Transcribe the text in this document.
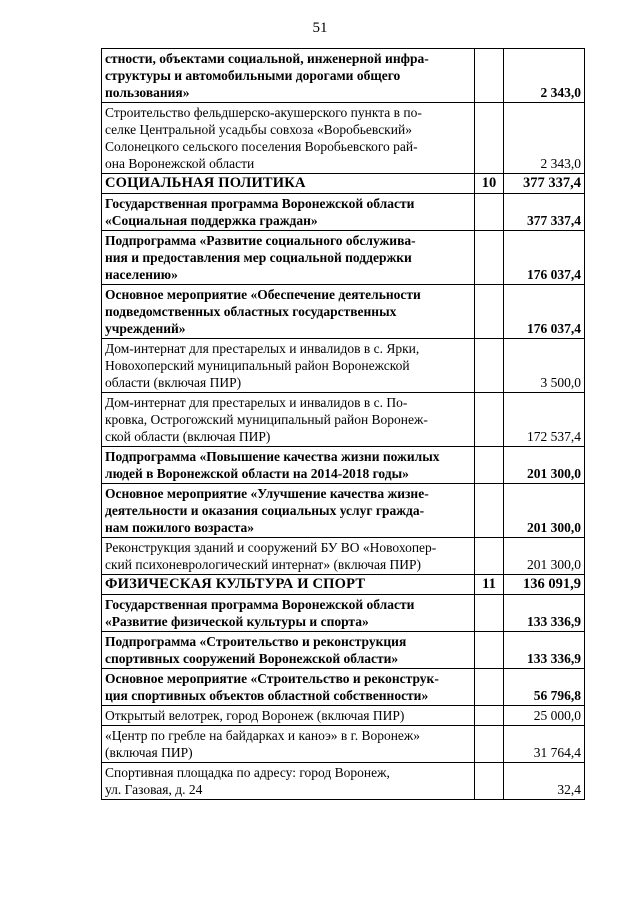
51
стности, объектами социальной, инженерной инфра-
структуры и автомобильными дорогами общего
пользования»		2 343,0

Строительство фельдшерско-акушерского пункта в по-
селке Центральной усадьбы совхоза «Воробьевский»
Солонецкого сельского поселения Воробьевского рай-
она Воронежской области		2 343,0

СОЦИАЛЬНАЯ ПОЛИТИКА	10	377 337,4

Государственная программа Воронежской области
«Социальная поддержка граждан»		377 337,4

Подпрограмма «Развитие социального обслужива-
ния и предоставления мер социальной поддержки
населению»		176 037,4

Основное мероприятие «Обеспечение деятельности
подведомственных областных государственных
учреждений»		176 037,4

Дом-интернат для престарелых и инвалидов в с. Ярки,
Новохоперский муниципальный район Воронежской
области (включая ПИР)		3 500,0

Дом-интернат для престарелых и инвалидов в с. По-
кровка, Острогожский муниципальный район Воронеж-
ской области (включая ПИР)		172 537,4

Подпрограмма «Повышение качества жизни пожилых
людей в Воронежской области на 2014-2018 годы»		201 300,0

Основное мероприятие «Улучшение качества жизне-
деятельности и оказания социальных услуг гражда-
нам пожилого возраста»		201 300,0

Реконструкция зданий и сооружений БУ ВО «Новохопер-
ский психоневрологический интернат» (включая ПИР)		201 300,0

ФИЗИЧЕСКАЯ КУЛЬТУРА И СПОРТ	11	136 091,9

Государственная программа Воронежской области
«Развитие физической культуры и спорта»		133 336,9

Подпрограмма «Строительство и реконструкция
спортивных сооружений Воронежской области»		133 336,9

Основное мероприятие «Строительство и реконструк-
ция спортивных объектов областной собственности»		56 796,8

Открытый велотрек, город Воронеж (включая ПИР)		25 000,0

«Центр по гребле на байдарках и каноэ» в г. Воронеж»
(включая ПИР)		31 764,4

Спортивная площадка по адресу: город Воронеж,
ул. Газовая, д. 24		32,4
